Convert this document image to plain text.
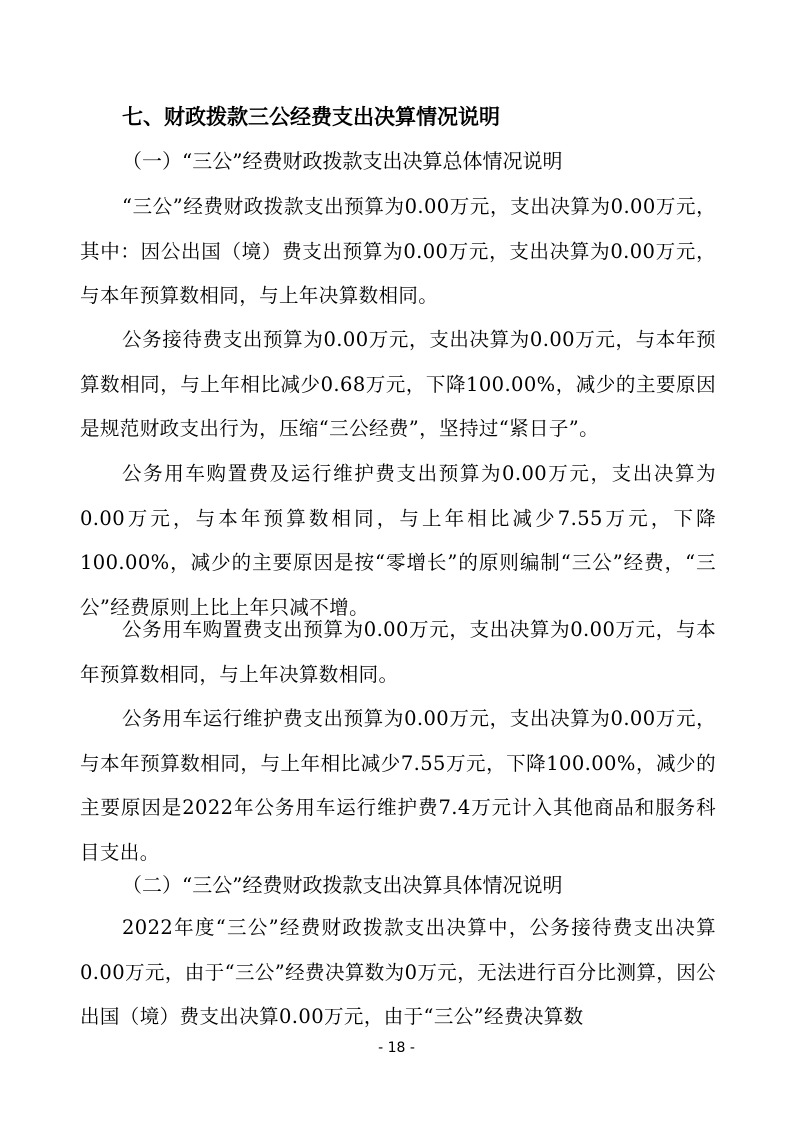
七、财政拨款三公经费支出决算情况说明
（一）“三公”经费财政拨款支出决算总体情况说明
“三公”经费财政拨款支出预算为0.00万元，支出决算为0.00万元，其中：因公出国（境）费支出预算为0.00万元，支出决算为0.00万元，与本年预算数相同，与上年决算数相同。
公务接待费支出预算为0.00万元，支出决算为0.00万元，与本年预算数相同，与上年相比减少0.68万元，下降100.00%，减少的主要原因是规范财政支出行为，压缩“三公经费”，坚持过“紧日子”。
公务用车购置费及运行维护费支出预算为0.00万元，支出决算为0.00万元，与本年预算数相同，与上年相比减少7.55万元，下降100.00%，减少的主要原因是按“零增长”的原则编制“三公”经费，“三公”经费原则上比上年只减不增。
公务用车购置费支出预算为0.00万元，支出决算为0.00万元，与本年预算数相同，与上年决算数相同。
公务用车运行维护费支出预算为0.00万元，支出决算为0.00万元，与本年预算数相同，与上年相比减少7.55万元，下降100.00%，减少的主要原因是2022年公务用车运行维护费7.4万元计入其他商品和服务科目支出。
（二）“三公”经费财政拨款支出决算具体情况说明
2022年度“三公”经费财政拨款支出决算中，公务接待费支出决算0.00万元，由于“三公”经费决算数为0万元，无法进行百分比测算，因公出国（境）费支出决算0.00万元，由于“三公”经费决算数
- 18 -
